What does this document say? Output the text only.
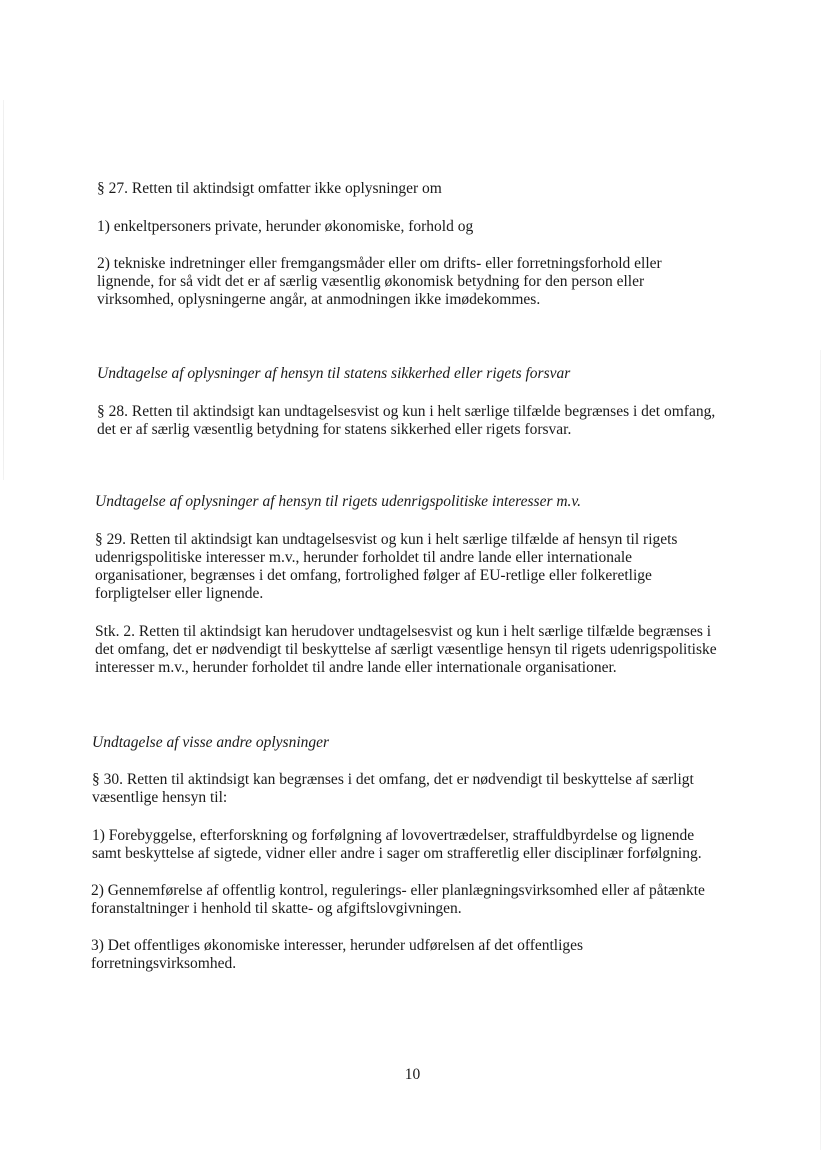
§ 27. Retten til aktindsigt omfatter ikke oplysninger om

1) enkeltpersoners private, herunder økonomiske, forhold og

2) tekniske indretninger eller fremgangsmåder eller om drifts- eller forretningsforhold eller
lignende, for så vidt det er af særlig væsentlig økonomisk betydning for den person eller
virksomhed, oplysningerne angår, at anmodningen ikke imødekommes.

Undtagelse af oplysninger af hensyn til statens sikkerhed eller rigets forsvar

§ 28. Retten til aktindsigt kan undtagelsesvist og kun i helt særlige tilfælde begrænses i det omfang,
det er af særlig væsentlig betydning for statens sikkerhed eller rigets forsvar.

Undtagelse af oplysninger af hensyn til rigets udenrigspolitiske interesser m.v.

§ 29. Retten til aktindsigt kan undtagelsesvist og kun i helt særlige tilfælde af hensyn til rigets
udenrigspolitiske interesser m.v., herunder forholdet til andre lande eller internationale
organisationer, begrænses i det omfang, fortrolighed følger af EU-retlige eller folkeretlige
forpligtelser eller lignende.

Stk. 2. Retten til aktindsigt kan herudover undtagelsesvist og kun i helt særlige tilfælde begrænses i
det omfang, det er nødvendigt til beskyttelse af særligt væsentlige hensyn til rigets udenrigspolitiske
interesser m.v., herunder forholdet til andre lande eller internationale organisationer.

Undtagelse af visse andre oplysninger

§ 30. Retten til aktindsigt kan begrænses i det omfang, det er nødvendigt til beskyttelse af særligt
væsentlige hensyn til:

1) Forebyggelse, efterforskning og forfølgning af lovovertrædelser, straffuldbyrdelse og lignende
samt beskyttelse af sigtede, vidner eller andre i sager om strafferetlig eller disciplinær forfølgning.

2) Gennemførelse af offentlig kontrol, regulerings- eller planlægningsvirksomhed eller af påtænkte
foranstaltninger i henhold til skatte- og afgiftslovgivningen.

3) Det offentliges økonomiske interesser, herunder udførelsen af det offentliges
forretningsvirksomhed.

10
